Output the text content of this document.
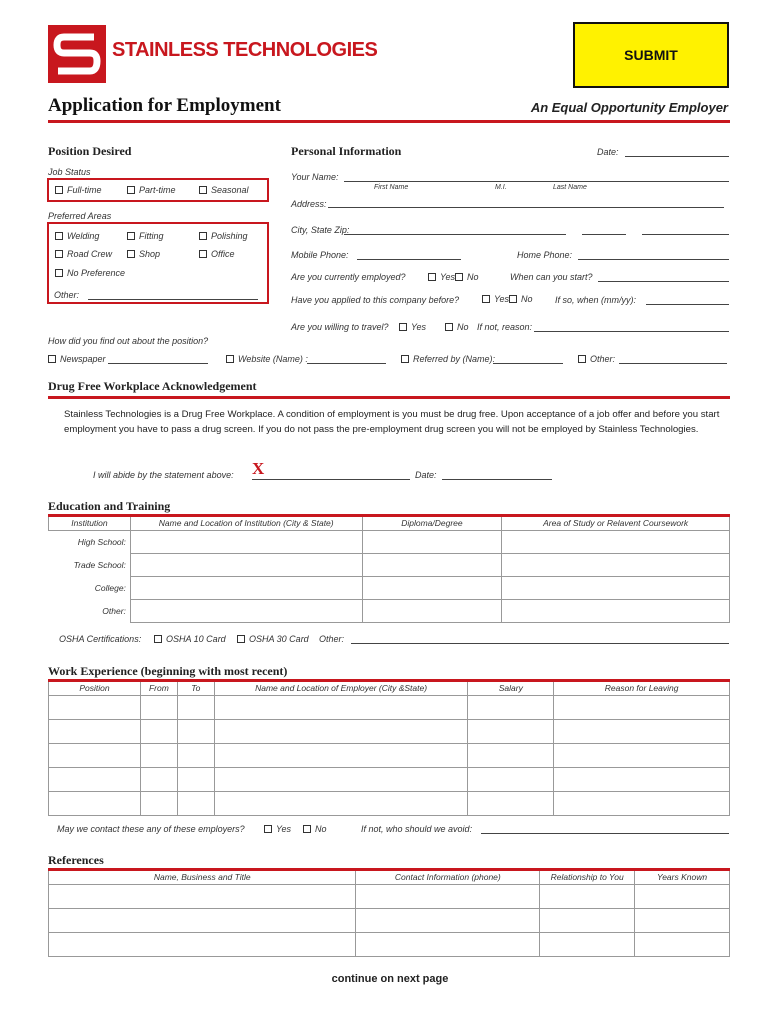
STAINLESS TECHNOLOGIES	SUBMIT
Application for Employment	An Equal Opportunity Employer
Position Desired
Job Status
Full-time	Part-time	Seasonal
Preferred Areas
Welding	Fitting	Polishing
Road Crew	Shop	Office
No Preference
Other:
Personal Information	Date:
Your Name:
First Name	M.I.	Last Name
Address:
City, State Zip:
Mobile Phone:	Home Phone:
Are you currently employed?	Yes	No	When can you start?
Have you applied to this company before?	Yes	No If so, when (mm/yy):
Are you willing to travel?	Yes	No If not, reason:
How did you find out about the position?
Newspaper	Website (Name) :	Referred by (Name):	Other:
Drug Free Workplace Acknowledgement
Stainless Technologies is a Drug Free Workplace. A condition of employment is you must be drug free. Upon acceptance of a job offer and before you start employment you have to pass a drug screen. If you do not pass the pre-employment drug screen you will not be employed by Stainless Technologies.
I will abide by the statement above: X	Date:
Education and Training
Institution	Name and Location of Institution (City & State)	Diploma/Degree	Area of Study or Relavent Coursework
High School:			
Trade School:			
College:			
Other:			
OSHA Certifications:	OSHA 10 Card	OSHA 30 Card Other:
Work Experience (beginning with most recent)
Position	From	To	Name and Location of Employer (City &State)	Salary	Reason for Leaving

May we contact these any of these employers?	Yes	No	If not, who should we avoid:
References
Name, Business and Title	Contact Information (phone)	Relationship to You	Years Known

continue on next page
